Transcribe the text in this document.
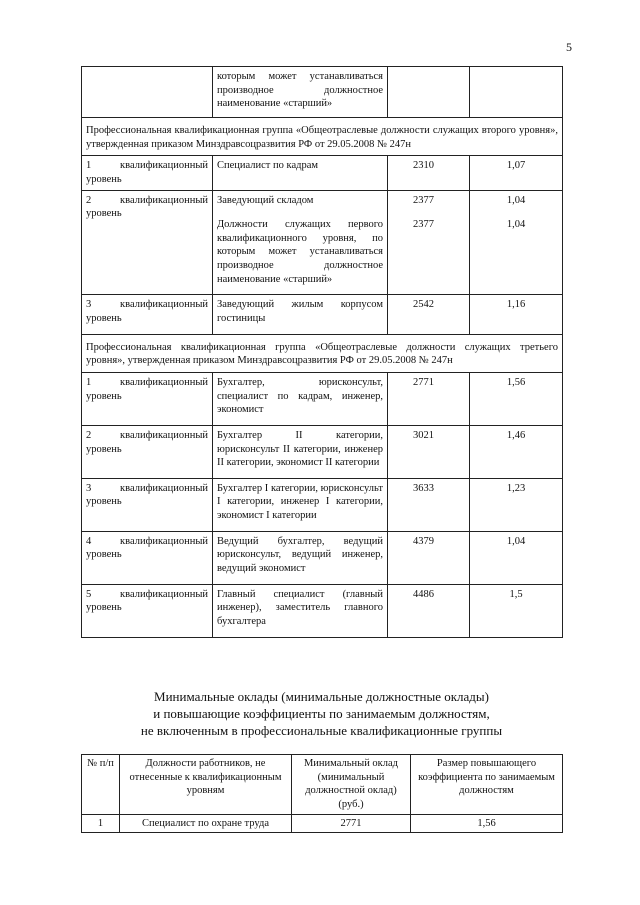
5
	которым может устанавливаться производное должностное наименование «старший»		
Профессиональная квалификационная группа «Общеотраслевые должности служащих второго уровня», утвержденная приказом Минздравсоцразвития РФ от 29.05.2008 № 247н			
1 квалификационный уровень	Специалист по кадрам	2310	1,07
2 квалификационный уровень	Заведующий складом	2377	1,04
	Должности служащих первого квалификационного уровня, по которым может устанавливаться производное должностное наименование «старший»	2377	1,04
3 квалификационный уровень	Заведующий жилым корпусом гостиницы	2542	1,16
Профессиональная квалификационная группа «Общеотраслевые должности служащих третьего уровня», утвержденная приказом Минздравсоцразвития РФ от 29.05.2008 № 247н			
1 квалификационный уровень	Бухгалтер, юрисконсульт, специалист по кадрам, инженер, экономист	2771	1,56
2 квалификационный уровень	Бухгалтер II категории, юрисконсульт II категории, инженер II категории, экономист II категории	3021	1,46
3 квалификационный уровень	Бухгалтер I категории, юрисконсульт I категории, инженер I категории, экономист I категории	3633	1,23
4 квалификационный уровень	Ведущий бухгалтер, ведущий юрисконсульт, ведущий инженер, ведущий экономист	4379	1,04
5 квалификационный уровень	Главный специалист (главный инженер), заместитель главного бухгалтера	4486	1,5
Минимальные оклады (минимальные должностные оклады)
и повышающие коэффициенты по занимаемым должностям,
не включенным в профессиональные квалификационные группы
№ п/п	Должности работников, не отнесенные к квалификационным уровням	Минимальный оклад (минимальный должностной оклад) (руб.)	Размер повышающего коэффициента по занимаемым должностям
1	Специалист по охране труда	2771	1,56
